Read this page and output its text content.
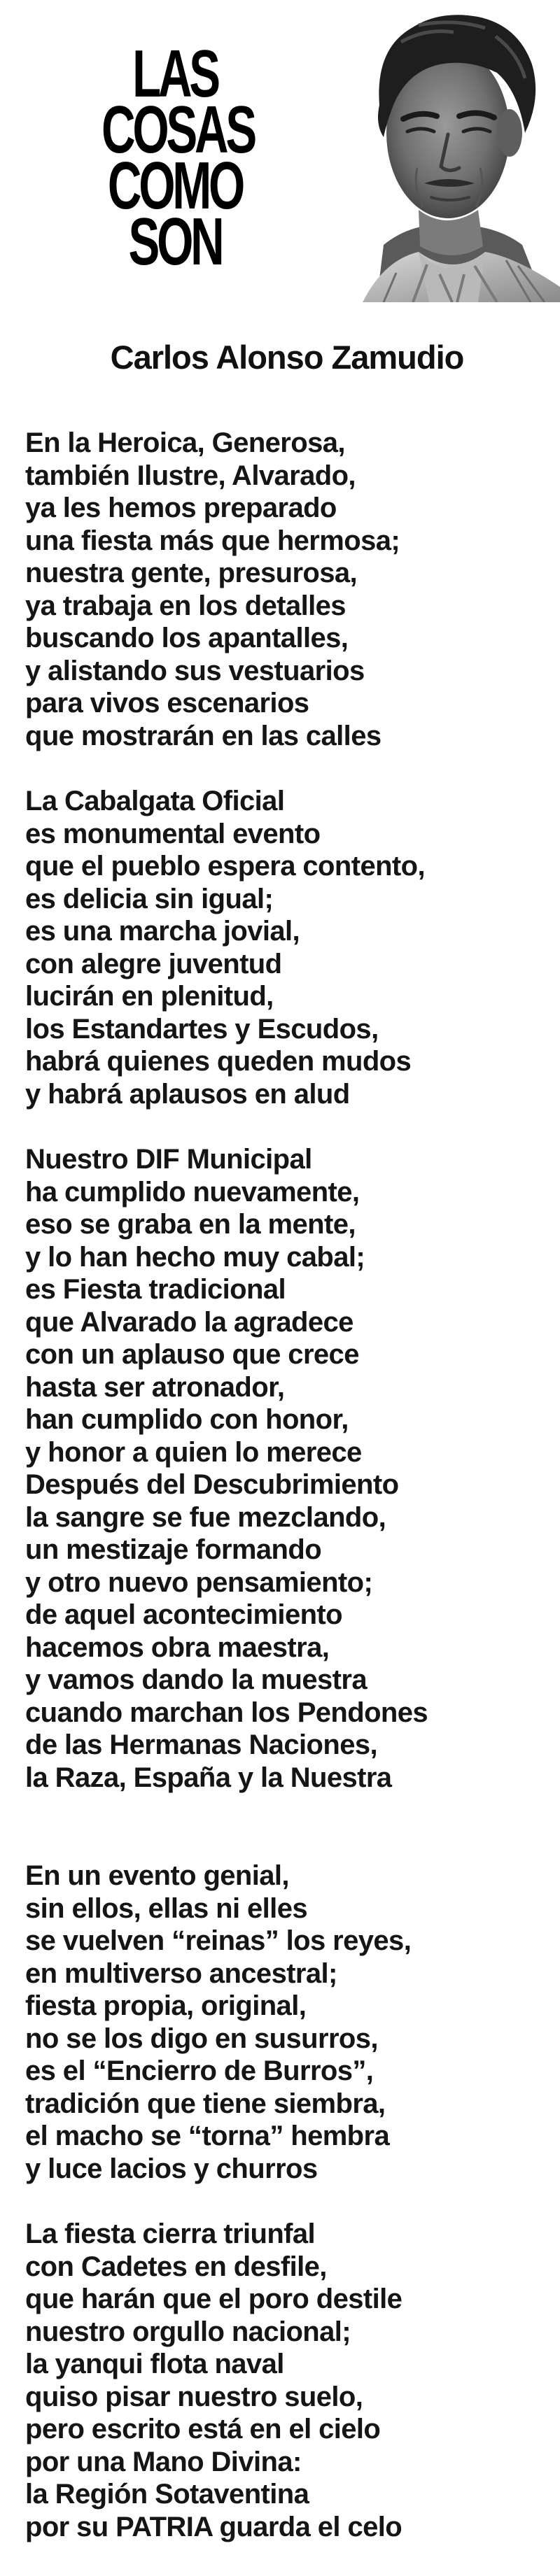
LAS
COSAS
COMO
SON
Carlos Alonso Zamudio
En la Heroica, Generosa,
también Ilustre, Alvarado,
ya les hemos preparado
una fiesta más que hermosa;
nuestra gente, presurosa,
ya trabaja en los detalles
buscando los apantalles,
y alistando sus vestuarios
para vivos escenarios
que mostrarán en las calles
La Cabalgata Oficial
es monumental evento
que el pueblo espera contento,
es delicia sin igual;
es una marcha jovial,
con alegre juventud
lucirán en plenitud,
los Estandartes y Escudos,
habrá quienes queden mudos
y habrá aplausos en alud
Nuestro DIF Municipal
ha cumplido nuevamente,
eso se graba en la mente,
y lo han hecho muy cabal;
es Fiesta tradicional
que Alvarado la agradece
con un aplauso que crece
hasta ser atronador,
han cumplido con honor,
y honor a quien lo merece
Después del Descubrimiento
la sangre se fue mezclando,
un mestizaje formando
y otro nuevo pensamiento;
de aquel acontecimiento
hacemos obra maestra,
y vamos dando la muestra
cuando marchan los Pendones
de las Hermanas Naciones,
la Raza, España y la Nuestra
En un evento genial,
sin ellos, ellas ni elles
se vuelven “reinas” los reyes,
en multiverso ancestral;
fiesta propia, original,
no se los digo en susurros,
es el “Encierro de Burros”,
tradición que tiene siembra,
el macho se “torna” hembra
y luce lacios y churros
La fiesta cierra triunfal
con Cadetes en desfile,
que harán que el poro destile
nuestro orgullo nacional;
la yanqui flota naval
quiso pisar nuestro suelo,
pero escrito está en el cielo
por una Mano Divina:
la Región Sotaventina
por su PATRIA guarda el celo
